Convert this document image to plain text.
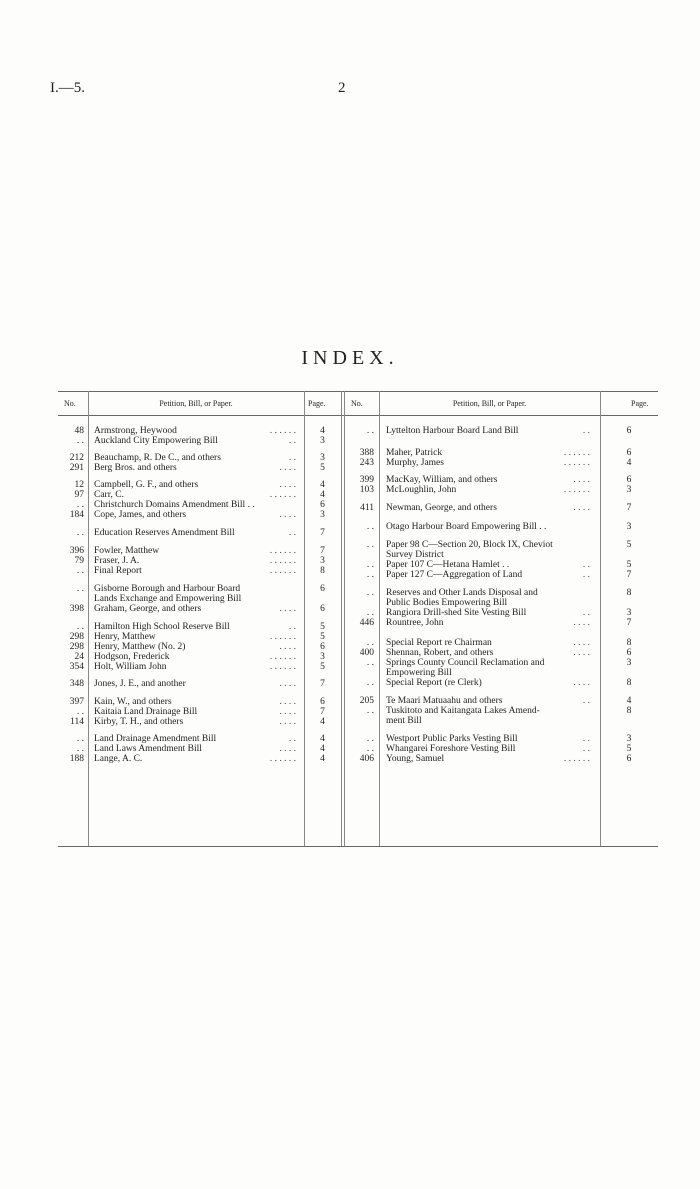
I.—5.	2
INDEX.
No.	Petition, Bill, or Paper.	Page.	No.	Petition, Bill, or Paper.	Page.
48 Armstrong, Heywood	. . . . . .	4
. . Auckland City Empowering Bill	. .	3
212 Beauchamp, R. De C., and others	. .	3
291 Berg Bros. and others	. . . .	5
12 Campbell, G. F., and others	. . . .	4
97 Carr, C.	. . . . . .	4
. . Christchurch Domains Amendment Bill . .	6
184 Cope, James, and others	. . . .	3
. . Education Reserves Amendment Bill	. .	7
396 Fowler, Matthew	. . . . . .	7
79 Fraser, J. A.	. . . . . .	3
. . Final Report	. . . . . .	8
. . Gisborne Borough and Harbour Board	6
Lands Exchange and Empowering Bill
398 Graham, George, and others	. . . .	6
. . Hamilton High School Reserve Bill	. .	5
298 Henry, Matthew	. . . . . .	5
298 Henry, Matthew (No. 2)	. . . .	6
24 Hodgson, Frederick	. . . . . .	3
354 Holt, William John	. . . . . .	5
348 Jones, J. E., and another	. . . .	7
397 Kain, W., and others	. . . .	6
. . Kaitaia Land Drainage Bill	. . . .	7
114 Kirby, T. H., and others	. . . .	4
. . Land Drainage Amendment Bill	. .	4
. . Land Laws Amendment Bill	. . . .	4
188 Lange, A. C.	. . . . . .	4
. . Lyttelton Harbour Board Land Bill	. .	6
388 Maher, Patrick	. . . . . .	6
243 Murphy, James	. . . . . .	4
399 MacKay, William, and others	. . . .	6
103 McLoughlin, John	. . . . . .	3
411 Newman, George, and others	. . . .	7
. . Otago Harbour Board Empowering Bill . .	3
. . Paper 98 C—Section 20, Block IX, Cheviot	5
Survey District
. . Paper 107 C—Hetana Hamlet . .	. .	5
. . Paper 127 C—Aggregation of Land	. .	7
. . Reserves and Other Lands Disposal and	8
Public Bodies Empowering Bill
. . Rangiora Drill-shed Site Vesting Bill	. .	3
446 Rountree, John	. . . .	7
. . Special Report re Chairman	. . . .	8
400 Shennan, Robert, and others	. . . .	6
. . Springs County Council Reclamation and	3
Empowering Bill
. . Special Report (re Clerk)	. . . .	8
205 Te Maari Matuaahu and others	. .	4
. . Tuskitoto and Kaitangata Lakes Amend-	8
ment Bill
. . Westport Public Parks Vesting Bill	. .	3
. . Whangarei Foreshore Vesting Bill	. .	5
406 Young, Samuel	. . . . . .	6
